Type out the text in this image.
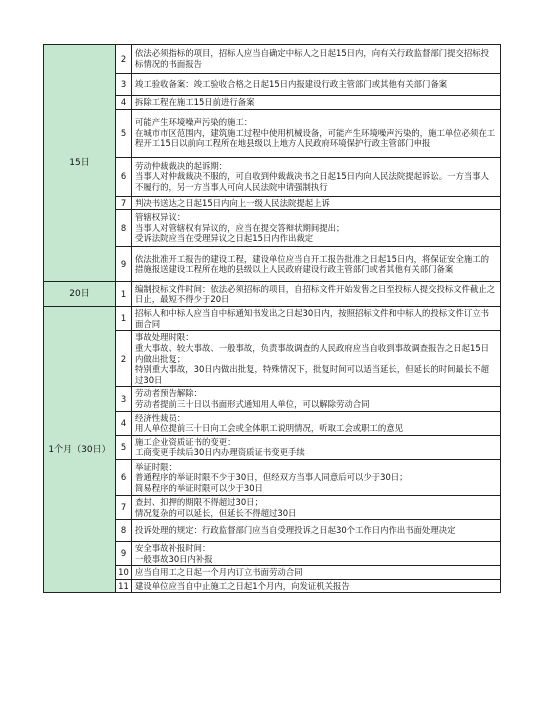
15日	2	依法必须指标的项目，招标人应当自确定中标人之日起15日内，向有关行政监督部门提交招标投标情况的书面报告

	3	竣工验收备案：竣工验收合格之日起15日内报建设行政主管部门或其他有关部门备案

	4	拆除工程在施工15日前进行备案

	5	可能产生环境噪声污染的施工：
在城市市区范围内，建筑施工过程中使用机械设备，可能产生环境噪声污染的，施工单位必须在工程开工15日以前向工程所在地县级以上地方人民政府环境保护行政主管部门申报

	6	劳动仲裁裁决的起诉期：
当事人对仲裁裁决不服的，可自收到仲裁裁决书之日起15日内向人民法院提起诉讼。一方当事人不履行的，另一方当事人可向人民法院申请强制执行

	7	判决书送达之日起15日内向上一级人民法院提起上诉

	8	管辖权异议：
当事人对管辖权有异议的，应当在提交答辩状期间提出；
受诉法院应当在受理异议之日起15日内作出裁定

	9	依法批准开工报告的建设工程，建设单位应当自开工报告批准之日起15日内，将保证安全施工的措施报送建设工程所在地的县级以上人民政府建设行政主管部门或者其他有关部门备案

20日	1	编制投标文件时间：依法必须招标的项目，自招标文件开始发售之日至投标人提交投标文件截止之日止，最短不得少于20日

1个月（30日）	1	招标人和中标人应当自中标通知书发出之日起30日内，按照招标文件和中标人的投标文件订立书面合同

	2	事故处理时限：
重大事故、较大事故、一般事故，负责事故调查的人民政府应当自收到事故调查报告之日起15日内做出批复；
特别重大事故，30日内做出批复，特殊情况下，批复时间可以适当延长，但延长的时间最长不超过30日

	3	劳动者预告解除：
劳动者提前三十日以书面形式通知用人单位，可以解除劳动合同

	4	经济性裁员：
用人单位提前三十日向工会或全体职工说明情况，听取工会或职工的意见

	5	施工企业资质证书的变更：
工商变更手续后30日内办理资质证书变更手续

	6	举证时限：
普通程序的举证时限不少于30日，但经双方当事人同意后可以少于30日；
简易程序的举证时限可以少于30日

	7	查封、扣押的期限不得超过30日；
情况复杂的可以延长，但延长不得超过30日

	8	投诉处理的规定：行政监督部门应当自受理投诉之日起30个工作日内作出书面处理决定

	9	安全事故补报时间：
一般事故30日内补报

	10	应当自用工之日起一个月内订立书面劳动合同

	11	建设单位应当自中止施工之日起1个月内，向发证机关报告
